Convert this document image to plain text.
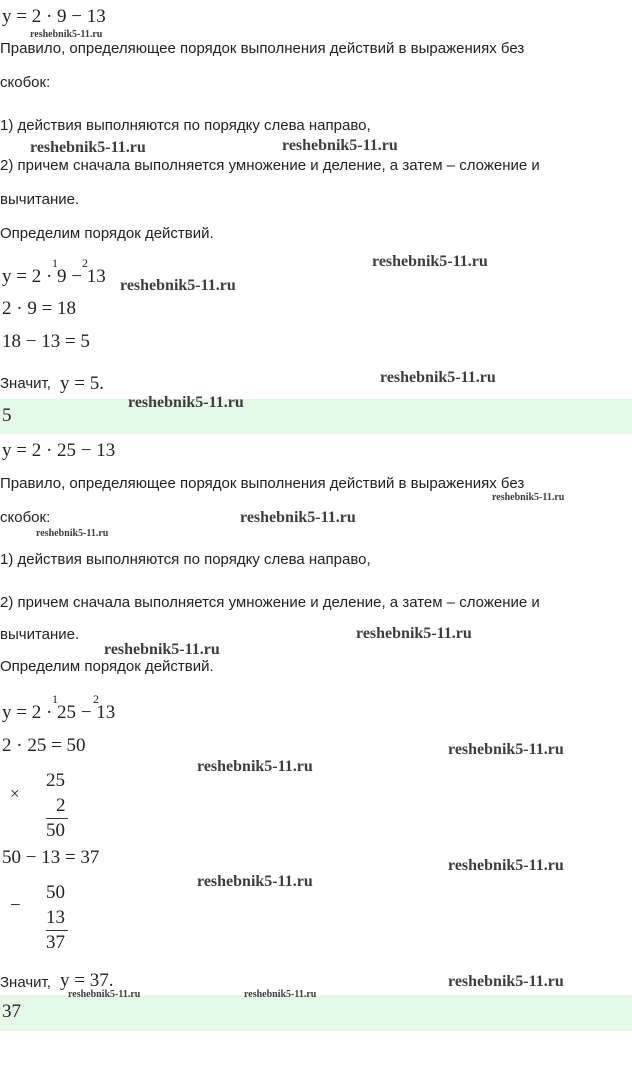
y = 2 · 9 − 13
reshebnik5-11.ru
Правило, определяющее порядок выполнения действий в выражениях без
скобок:
1) действия выполняются по порядку слева направо,
reshebnik5-11.ru	reshebnik5-11.ru
2) причем сначала выполняется умножение и деление, а затем – сложение и
вычитание.
Определим порядок действий.
y = 2 · 9 − 13
1 2
reshebnik5-11.ru
reshebnik5-11.ru
2 · 9 = 18
18 − 13 = 5
Значит, y = 5.	reshebnik5-11.ru
5
reshebnik5-11.ru
y = 2 · 25 − 13
Правило, определяющее порядок выполнения действий в выражениях без
reshebnik5-11.ru
скобок:
reshebnik5-11.ru
reshebnik5-11.ru
1) действия выполняются по порядку слева направо,
2) причем сначала выполняется умножение и деление, а затем – сложение и
вычитание.	reshebnik5-11.ru
reshebnik5-11.ru
Определим порядок действий.
y = 2 · 25 − 13
1	2
2 · 25 = 50	reshebnik5-11.ru
reshebnik5-11.ru
×
25
2
50
50 − 13 = 37	reshebnik5-11.ru
reshebnik5-11.ru
−
50
13
37
Значит, y = 37.	reshebnik5-11.ru
37
reshebnik5-11.ru	reshebnik5-11.ru
